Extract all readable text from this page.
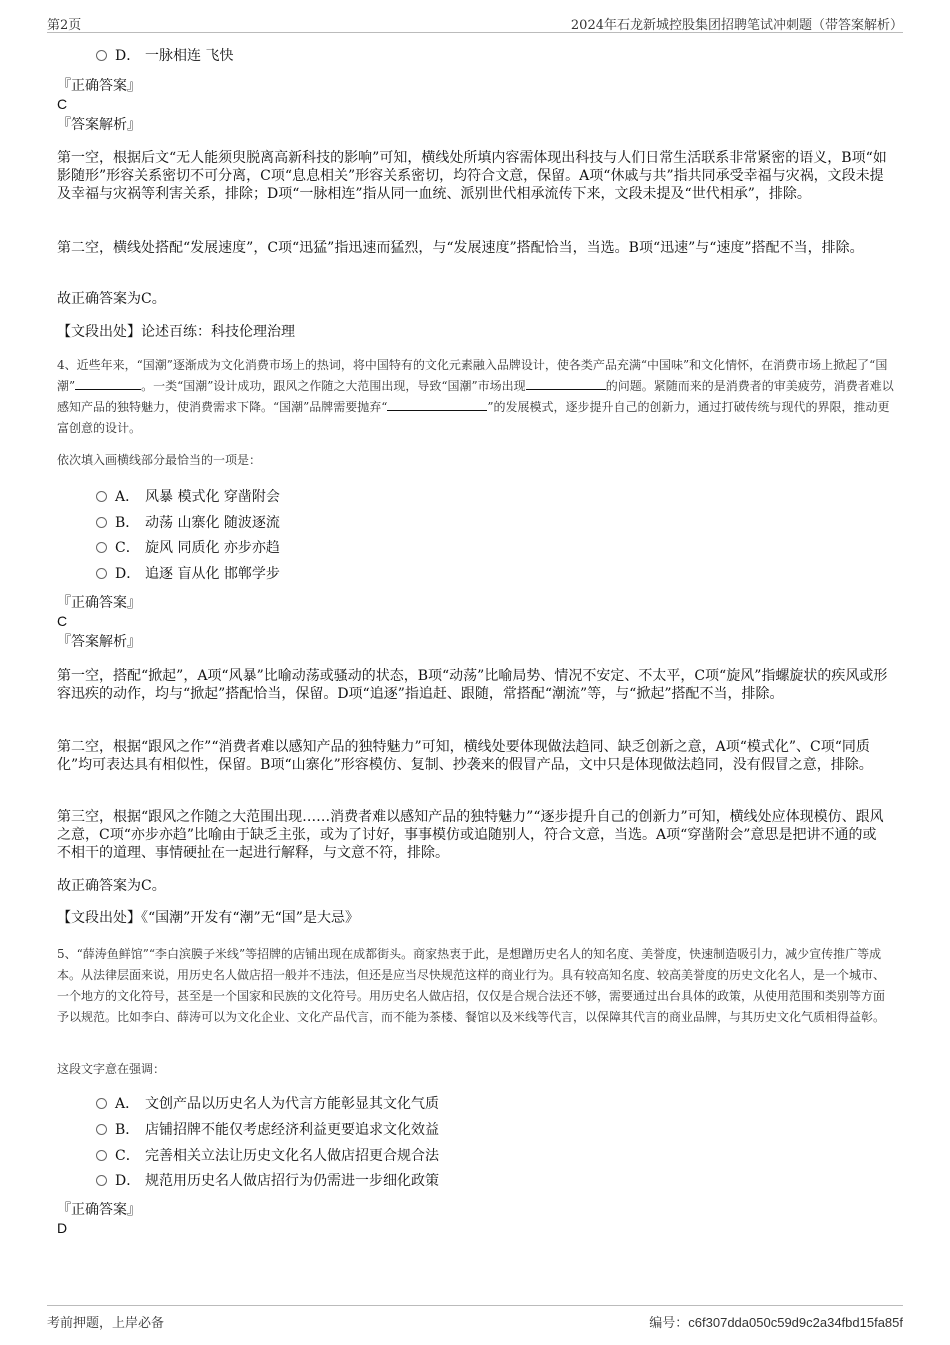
第2页	2024年石龙新城控股集团招聘笔试冲刺题（带答案解析）
D． 一脉相连 飞快
『正确答案』
C
『答案解析』
第一空，根据后文“无人能须臾脱离高新科技的影响”可知，横线处所填内容需体现出科技与人们日常生活联系非常紧密的语义，B项“如影随形”形容关系密切不可分离，C项“息息相关”形容关系密切，均符合文意，保留。A项“休戚与共”指共同承受幸福与灾祸，文段未提及幸福与灾祸等利害关系，排除；D项“一脉相连”指从同一血统、派别世代相承流传下来，文段未提及“世代相承”，排除。
第二空，横线处搭配“发展速度”，C项“迅猛”指迅速而猛烈，与“发展速度”搭配恰当，当选。B项“迅速”与“速度”搭配不当，排除。
故正确答案为C。
【文段出处】论述百练：科技伦理治理
4、近些年来，“国潮”逐渐成为文化消费市场上的热词，将中国特有的文化元素融入品牌设计，使各类产品充满“中国味”和文化情怀，在消费市场上掀起了“国潮”	。一类“国潮”设计成功，跟风之作随之大范围出现，导致“国潮”市场出现	的问题。紧随而来的是消费者的审美疲劳，消费者难以感知产品的独特魅力，使消费需求下降。“国潮”品牌需要抛弃“	”的发展模式，逐步提升自己的创新力，通过打破传统与现代的界限，推动更富创意的设计。
依次填入画横线部分最恰当的一项是：
A． 风暴 模式化 穿凿附会
B． 动荡 山寨化 随波逐流
C． 旋风 同质化 亦步亦趋
D． 追逐 盲从化 邯郸学步
『正确答案』
C
『答案解析』
第一空，搭配“掀起”，A项“风暴”比喻动荡或骚动的状态，B项“动荡”比喻局势、情况不安定、不太平，C项“旋风”指螺旋状的疾风或形容迅疾的动作，均与“掀起”搭配恰当，保留。D项“追逐”指追赶、跟随，常搭配“潮流”等，与“掀起”搭配不当，排除。
第二空，根据“跟风之作”“消费者难以感知产品的独特魅力”可知，横线处要体现做法趋同、缺乏创新之意，A项“模式化”、C项“同质化”均可表达具有相似性，保留。B项“山寨化”形容模仿、复制、抄袭来的假冒产品，文中只是体现做法趋同，没有假冒之意，排除。
第三空，根据“跟风之作随之大范围出现……消费者难以感知产品的独特魅力”“逐步提升自己的创新力”可知，横线处应体现模仿、跟风之意，C项“亦步亦趋”比喻由于缺乏主张，或为了讨好，事事模仿或追随别人，符合文意，当选。A项“穿凿附会”意思是把讲不通的或不相干的道理、事情硬扯在一起进行解释，与文意不符，排除。
故正确答案为C。
【文段出处】《“国潮”开发有“潮”无“国”是大忌》
5、“薛涛鱼鲜馆”“李白滨膜子米线”等招牌的店铺出现在成都街头。商家热衷于此，是想蹭历史名人的知名度、美誉度，快速制造吸引力，减少宣传推广等成本。从法律层面来说，用历史名人做店招一般并不违法，但还是应当尽快规范这样的商业行为。具有较高知名度、较高美誉度的历史文化名人，是一个城市、一个地方的文化符号，甚至是一个国家和民族的文化符号。用历史名人做店招，仅仅是合规合法还不够，需要通过出台具体的政策，从使用范围和类别等方面予以规范。比如李白、薛涛可以为文化企业、文化产品代言，而不能为茶楼、餐馆以及米线等代言，以保障其代言的商业品牌，与其历史文化气质相得益彰。
这段文字意在强调：
A． 文创产品以历史名人为代言方能彰显其文化气质
B． 店铺招牌不能仅考虑经济利益更要追求文化效益
C． 完善相关立法让历史文化名人做店招更合规合法
D． 规范用历史名人做店招行为仍需进一步细化政策
『正确答案』
D
考前押题，上岸必备	编号：c6f307dda050c59d9c2a34fbd15fa85f
